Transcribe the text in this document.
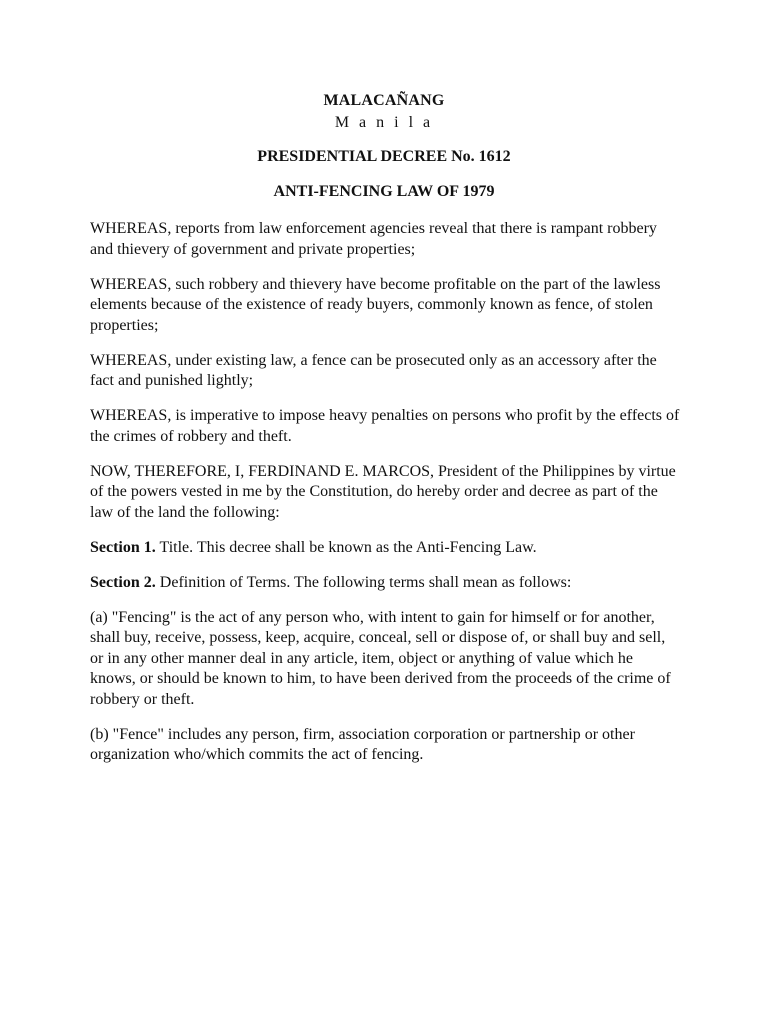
MALACAÑANG
M a n i l a
PRESIDENTIAL DECREE No. 1612
ANTI-FENCING LAW OF 1979

WHEREAS, reports from law enforcement agencies reveal that there is rampant robbery and thievery of government and private properties;

WHEREAS, such robbery and thievery have become profitable on the part of the lawless elements because of the existence of ready buyers, commonly known as fence, of stolen properties;

WHEREAS, under existing law, a fence can be prosecuted only as an accessory after the fact and punished lightly;

WHEREAS, is imperative to impose heavy penalties on persons who profit by the effects of the crimes of robbery and theft.

NOW, THEREFORE, I, FERDINAND E. MARCOS, President of the Philippines by virtue of the powers vested in me by the Constitution, do hereby order and decree as part of the law of the land the following:

Section 1. Title. This decree shall be known as the Anti-Fencing Law.

Section 2. Definition of Terms. The following terms shall mean as follows:

(a) "Fencing" is the act of any person who, with intent to gain for himself or for another, shall buy, receive, possess, keep, acquire, conceal, sell or dispose of, or shall buy and sell, or in any other manner deal in any article, item, object or anything of value which he knows, or should be known to him, to have been derived from the proceeds of the crime of robbery or theft.

(b) "Fence" includes any person, firm, association corporation or partnership or other organization who/which commits the act of fencing.
